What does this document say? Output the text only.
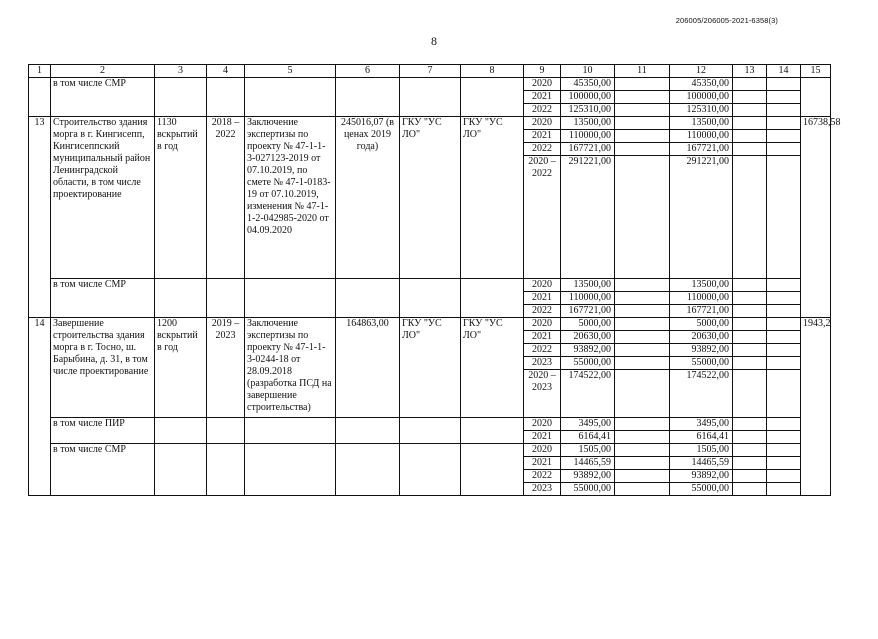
206005/206005-2021-6358(3)
8
1	2	3	4	5	6	7	8	9	10	11	12	13	14	15
	в том числе СМР							2020	45350,00		45350,00			
								2021	100000,00		100000,00			
								2022	125310,00		125310,00			
13	Строительство здания морга в г. Кингисепп, Кингисеппский муниципальный район Ленинградской области, в том числе проектирование	1130 вскрытий в год	2018 – 2022	Заключение экспертизы по проекту № 47-1-1-3-027123-2019 от 07.10.2019, по смете № 47-1-0183-19 от 07.10.2019, изменения № 47-1-1-2-042985-2020 от 04.09.2020	245016,07 (в ценах 2019 года)	ГКУ "УС ЛО"	ГКУ "УС ЛО"	2020	13500,00		13500,00			16738,58
								2021	110000,00		110000,00			
								2022	167721,00		167721,00			
								2020 – 2022	291221,00		291221,00			
	в том числе СМР							2020	13500,00		13500,00			
								2021	110000,00		110000,00			
								2022	167721,00		167721,00			
14	Завершение строительства здания морга в г. Тосно, ш. Барыбина, д. 31, в том числе проектирование	1200 вскрытий в год	2019 – 2023	Заключение экспертизы по проекту № 47-1-1-3-0244-18 от 28.09.2018 (разработка ПСД на завершение строительства)	164863,00	ГКУ "УС ЛО"	ГКУ "УС ЛО"	2020	5000,00		5000,00			1943,2
								2021	20630,00		20630,00			
								2022	93892,00		93892,00			
								2023	55000,00		55000,00			
								2020 – 2023	174522,00		174522,00			
	в том числе ПИР							2020	3495,00		3495,00			
								2021	6164,41		6164,41			
	в том числе СМР							2020	1505,00		1505,00			
								2021	14465,59		14465,59			
								2022	93892,00		93892,00			
								2023	55000,00		55000,00			
